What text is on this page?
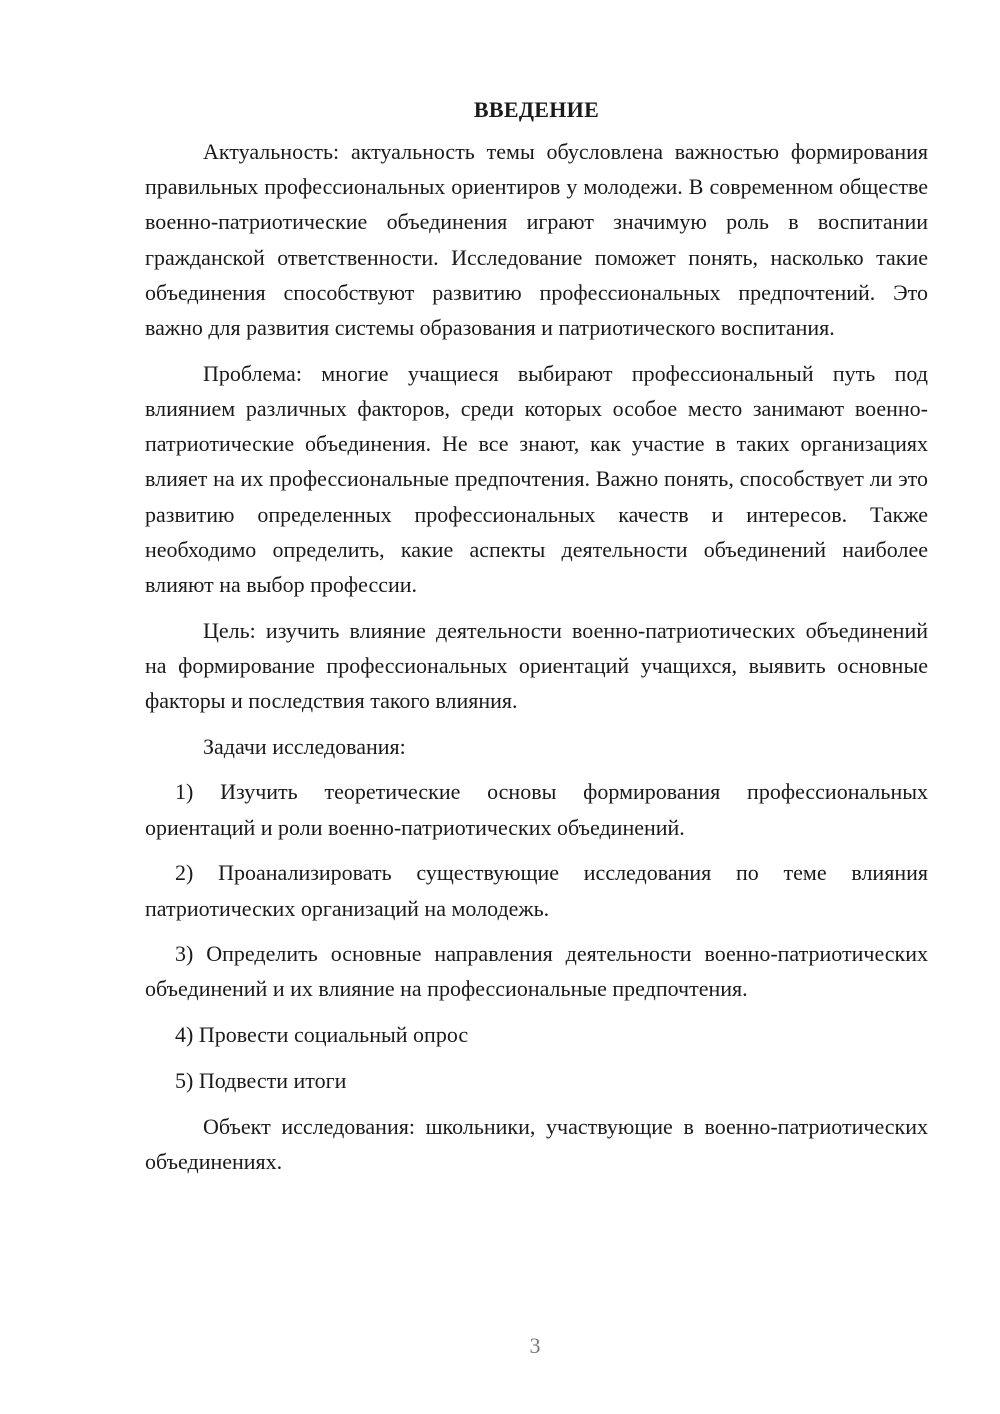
ВВЕДЕНИЕ

Актуальность: актуальность темы обусловлена важностью формирования правильных профессиональных ориентиров у молодежи. В современном обществе военно-патриотические объединения играют значимую роль в воспитании гражданской ответственности. Исследование поможет понять, насколько такие объединения способствуют развитию профессиональных предпочтений. Это важно для развития системы образования и патриотического воспитания.

Проблема: многие учащиеся выбирают профессиональный путь под влиянием различных факторов, среди которых особое место занимают военно-патриотические объединения. Не все знают, как участие в таких организациях влияет на их профессиональные предпочтения. Важно понять, способствует ли это развитию определенных профессиональных качеств и интересов. Также необходимо определить, какие аспекты деятельности объединений наиболее влияют на выбор профессии.

Цель: изучить влияние деятельности военно-патриотических объединений на формирование профессиональных ориентаций учащихся, выявить основные факторы и последствия такого влияния.

Задачи исследования:

1) Изучить теоретические основы формирования профессиональных ориентаций и роли военно-патриотических объединений.

2) Проанализировать существующие исследования по теме влияния патриотических организаций на молодежь.

3) Определить основные направления деятельности военно-патриотических объединений и их влияние на профессиональные предпочтения.

4) Провести социальный опрос

5) Подвести итоги

Объект исследования: школьники, участвующие в военно-патриотических объединениях.

3
